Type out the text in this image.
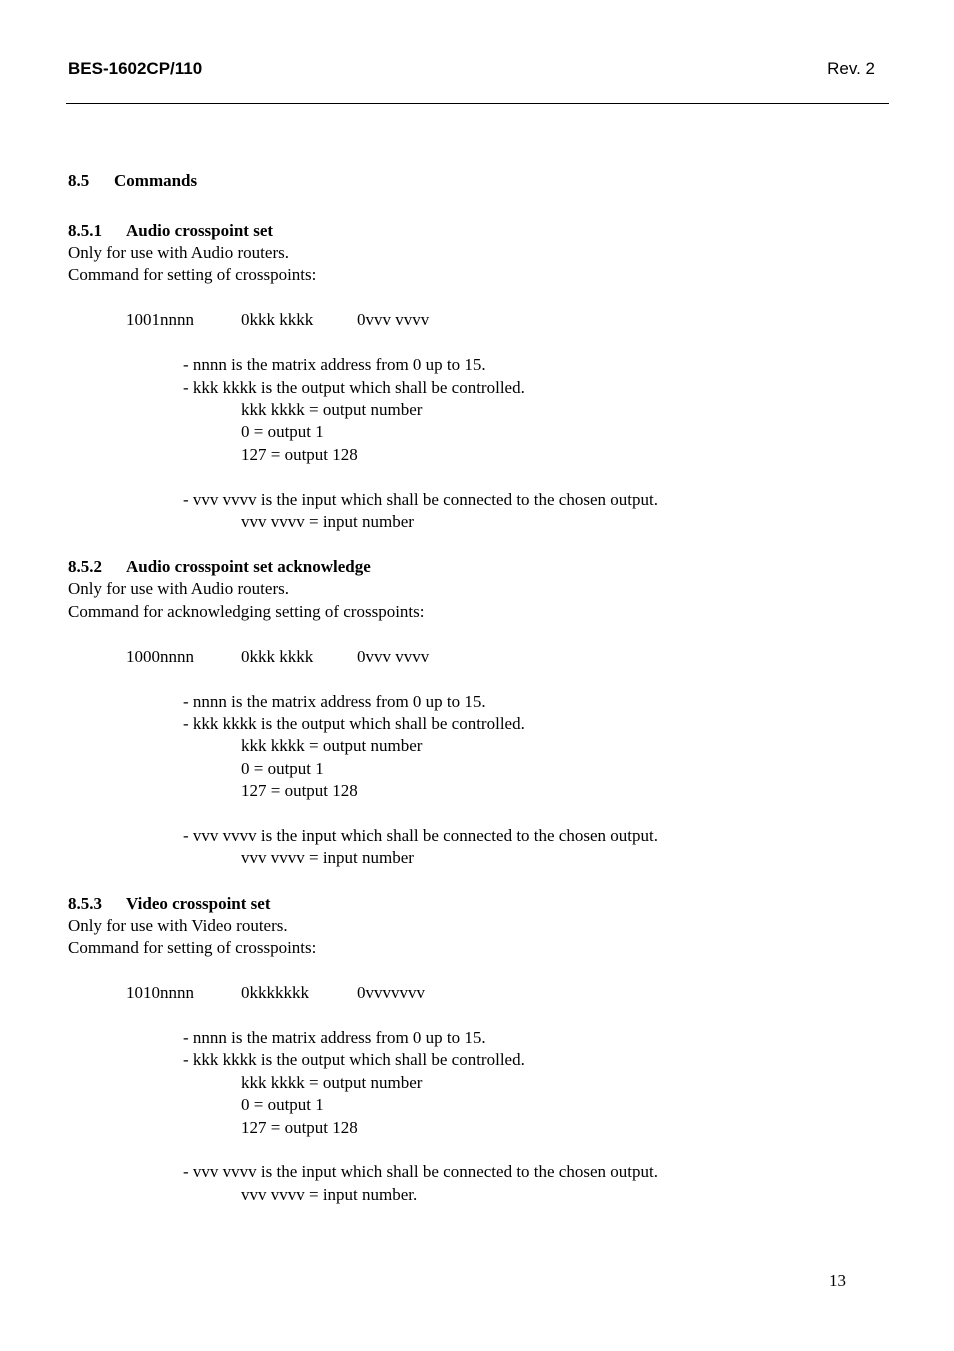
BES-1602CP/110	Rev. 2
8.5 Commands
8.5.1 Audio crosspoint set
Only for use with Audio routers.
Command for setting of crosspoints:

1001nnnn

	0kkk kkkk

	0vvv vvvv

- nnnn is the matrix address from 0 up to 15.
- kkk kkkk is the output which shall be controlled.
kkk kkkk = output number
0 = output 1
127 = output 128
- vvv vvvv is the input which shall be connected to the chosen output.
vvv vvvv = input number
8.5.2 Audio crosspoint set acknowledge
Only for use with Audio routers.
Command for acknowledging setting of crosspoints:

1000nnnn

	0kkk kkkk

	0vvv vvvv

- nnnn is the matrix address from 0 up to 15.
- kkk kkkk is the output which shall be controlled.
kkk kkkk = output number
0 = output 1
127 = output 128
- vvv vvvv is the input which shall be connected to the chosen output.
vvv vvvv = input number
8.5.3 Video crosspoint set
Only for use with Video routers.
Command for setting of crosspoints:

1010nnnn

	0kkkkkkk

	0vvvvvvv

- nnnn is the matrix address from 0 up to 15.
- kkk kkkk is the output which shall be controlled.
kkk kkkk = output number
0 = output 1
127 = output 128
- vvv vvvv is the input which shall be connected to the chosen output.
vvv vvvv = input number.
13
